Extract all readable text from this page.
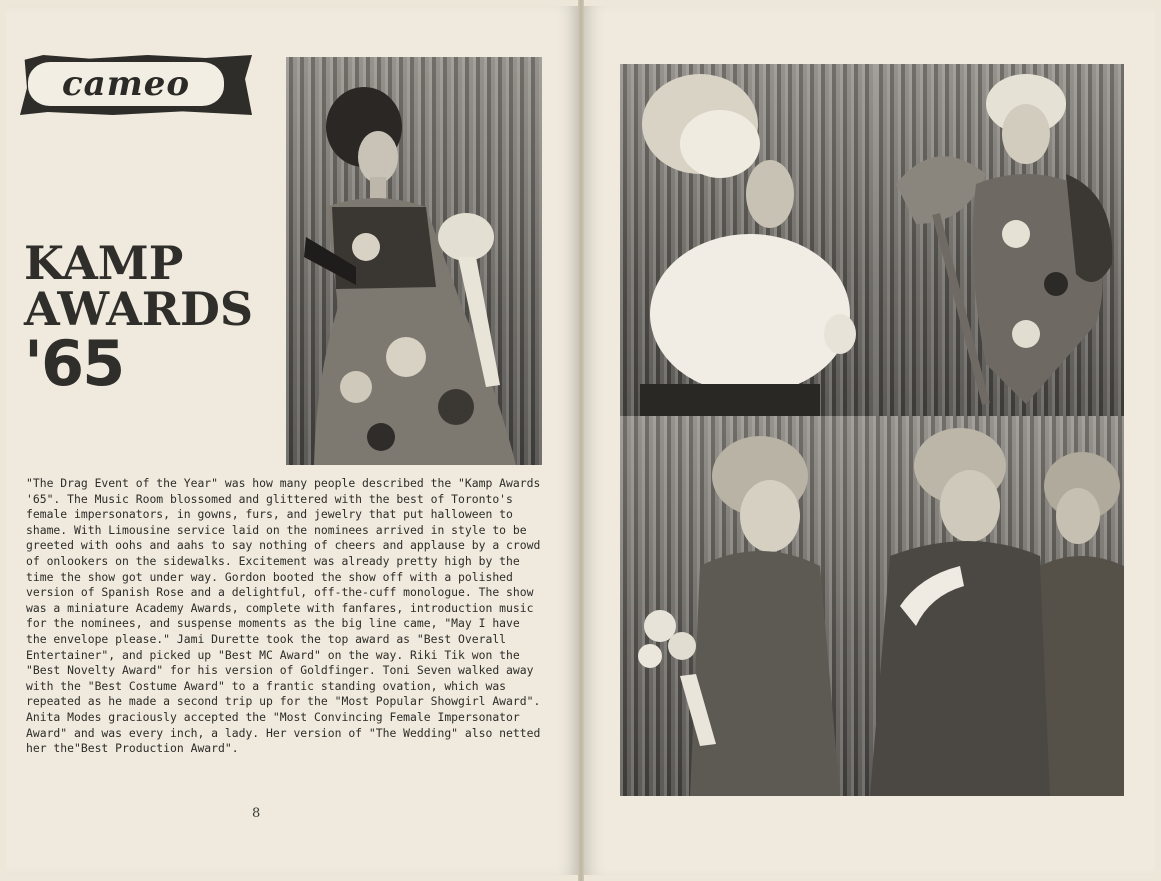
cameo
KAMP
AWARDS
'65

"The Drag Event of the Year" was how many people described the "Kamp Awards '65". The Music Room blossomed and glittered with the best of Toronto's female impersonators, in gowns, furs, and jewelry that put halloween to shame. With Limousine service laid on the nominees arrived in style to be greeted with oohs and aahs to say nothing of cheers and applause by a crowd of onlookers on the sidewalks. Excitement was already pretty high by the time the show got under way. Gordon booted the show off with a polished version of Spanish Rose and a delightful, off-the-cuff monologue. The show was a miniature Academy Awards, complete with fanfares, introduction music for the nominees, and suspense moments as the big line came, "May I have the envelope please." Jami Durette took the top award as "Best Overall Entertainer", and picked up "Best MC Award" on the way. Riki Tik won the "Best Novelty Award" for his version of Goldfinger. Toni Seven walked away with the "Best Costume Award" to a frantic standing ovation, which was repeated as he made a second trip up for the "Most Popular Showgirl Award". Anita Modes graciously accepted the "Most Convincing Female Impersonator Award" and was every inch, a lady. Her version of "The Wedding" also netted her the"Best Production Award".

8
